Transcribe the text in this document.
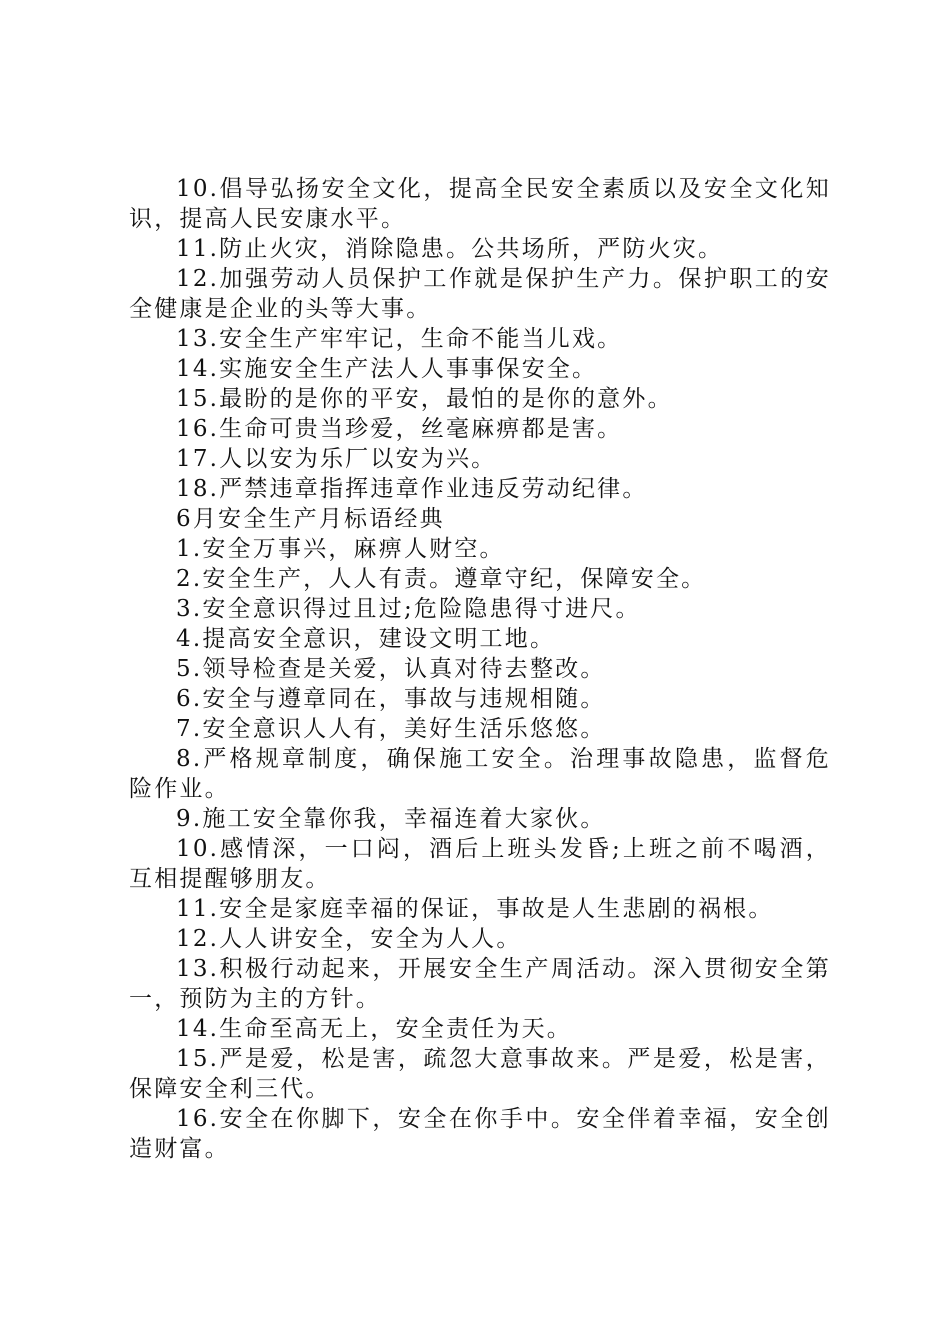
10.倡导弘扬安全文化，提高全民安全素质以及安全文化知识，提高人民安康水平。

11.防止火灾，消除隐患。公共场所，严防火灾。

12.加强劳动人员保护工作就是保护生产力。保护职工的安全健康是企业的头等大事。

13.安全生产牢牢记，生命不能当儿戏。

14.实施安全生产法人人事事保安全。

15.最盼的是你的平安，最怕的是你的意外。

16.生命可贵当珍爱，丝毫麻痹都是害。

17.人以安为乐厂以安为兴。

18.严禁违章指挥违章作业违反劳动纪律。

6月安全生产月标语经典

1.安全万事兴，麻痹人财空。

2.安全生产，人人有责。遵章守纪，保障安全。

3.安全意识得过且过;危险隐患得寸进尺。

4.提高安全意识，建设文明工地。

5.领导检查是关爱，认真对待去整改。

6.安全与遵章同在，事故与违规相随。

7.安全意识人人有，美好生活乐悠悠。

8.严格规章制度，确保施工安全。治理事故隐患，监督危险作业。

9.施工安全靠你我，幸福连着大家伙。

10.感情深，一口闷，酒后上班头发昏;上班之前不喝酒，互相提醒够朋友。

11.安全是家庭幸福的保证，事故是人生悲剧的祸根。

12.人人讲安全，安全为人人。

13.积极行动起来，开展安全生产周活动。深入贯彻安全第一，预防为主的方针。

14.生命至高无上，安全责任为天。

15.严是爱，松是害，疏忽大意事故来。严是爱，松是害，保障安全利三代。

16.安全在你脚下，安全在你手中。安全伴着幸福，安全创造财富。
